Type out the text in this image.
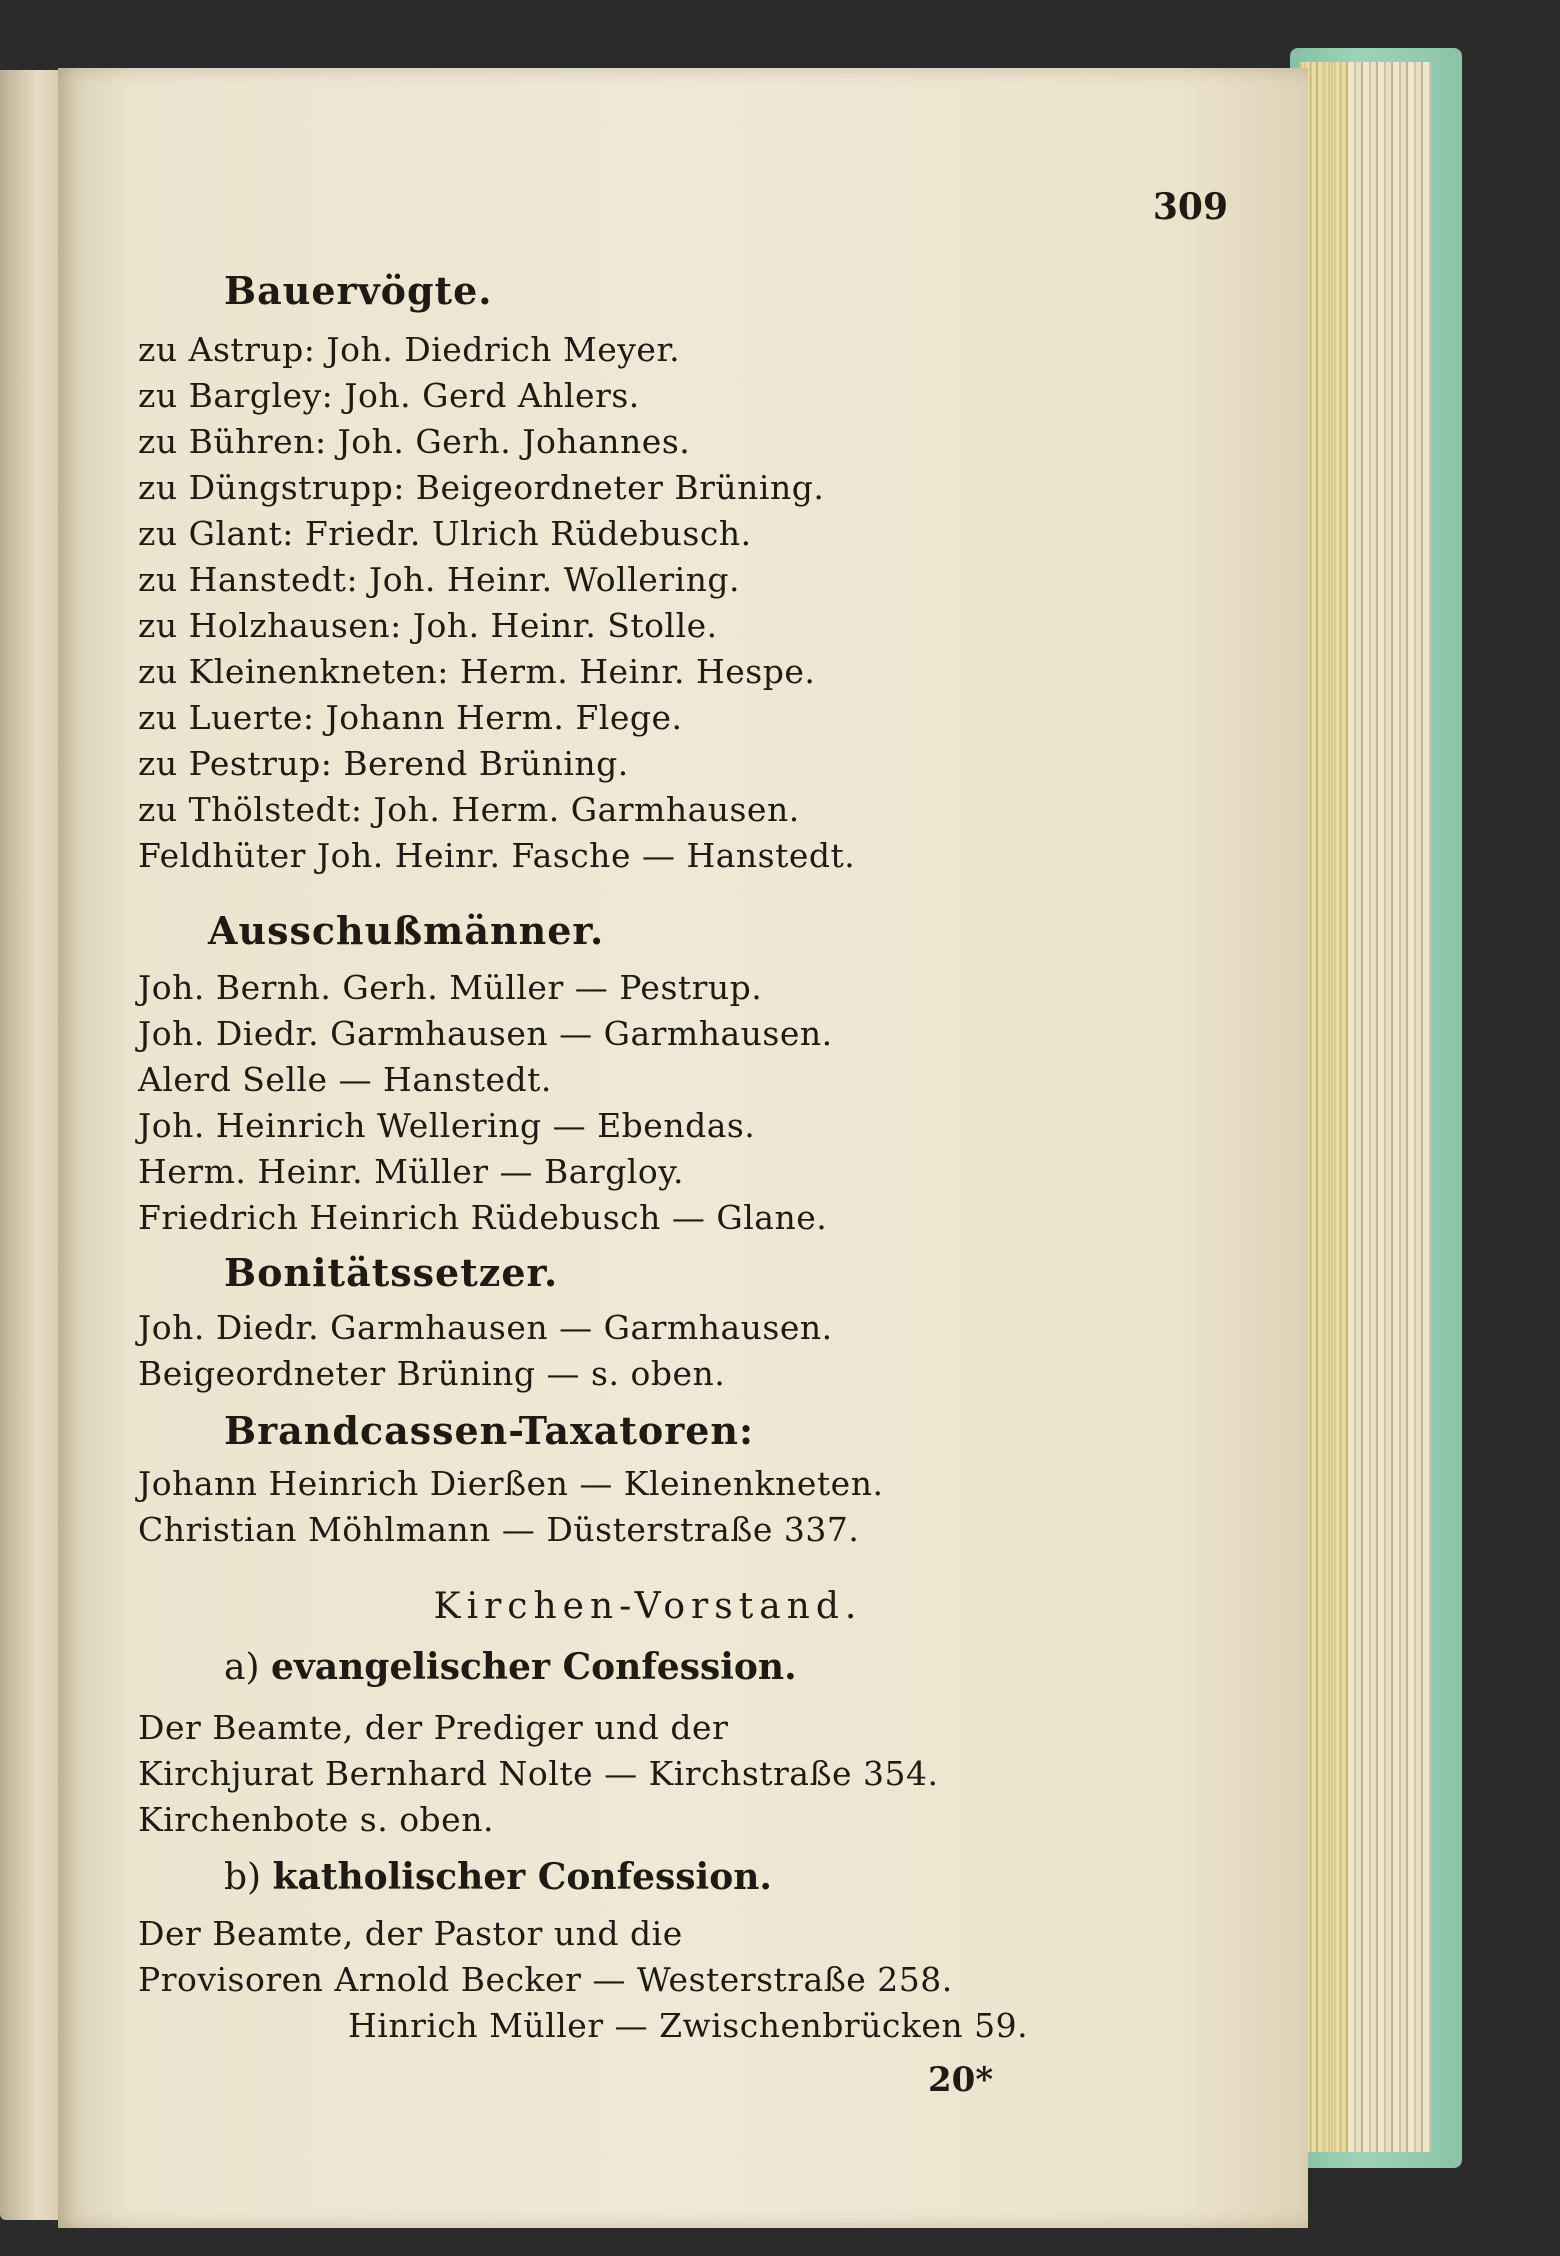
309
Bauervögte.
zu Astrup: Joh. Diedrich Meyer.
zu Bargley: Joh. Gerd Ahlers.
zu Bühren: Joh. Gerh. Johannes.
zu Düngstrupp: Beigeordneter Brüning.
zu Glant: Friedr. Ulrich Rüdebusch.
zu Hanstedt: Joh. Heinr. Wollering.
zu Holzhausen: Joh. Heinr. Stolle.
zu Kleinenkneten: Herm. Heinr. Hespe.
zu Luerte: Johann Herm. Flege.
zu Pestrup: Berend Brüning.
zu Thölstedt: Joh. Herm. Garmhausen.
Feldhüter Joh. Heinr. Fasche — Hanstedt.
Ausschußmänner.
Joh. Bernh. Gerh. Müller — Pestrup.
Joh. Diedr. Garmhausen — Garmhausen.
Alerd Selle — Hanstedt.
Joh. Heinrich Wellering — Ebendas.
Herm. Heinr. Müller — Bargloy.
Friedrich Heinrich Rüdebusch — Glane.
Bonitätssetzer.
Joh. Diedr. Garmhausen — Garmhausen.
Beigeordneter Brüning — s. oben.
Brandcassen-Taxatoren:
Johann Heinrich Dierßen — Kleinenkneten.
Christian Möhlmann — Düsterstraße 337.
Kirchen-Vorstand.
a) evangelischer Confession.
Der Beamte, der Prediger und der
Kirchjurat Bernhard Nolte — Kirchstraße 354.
Kirchenbote s. oben.
b) katholischer Confession.
Der Beamte, der Pastor und die
Provisoren Arnold Becker — Westerstraße 258.
Hinrich Müller — Zwischenbrücken 59.
20*
